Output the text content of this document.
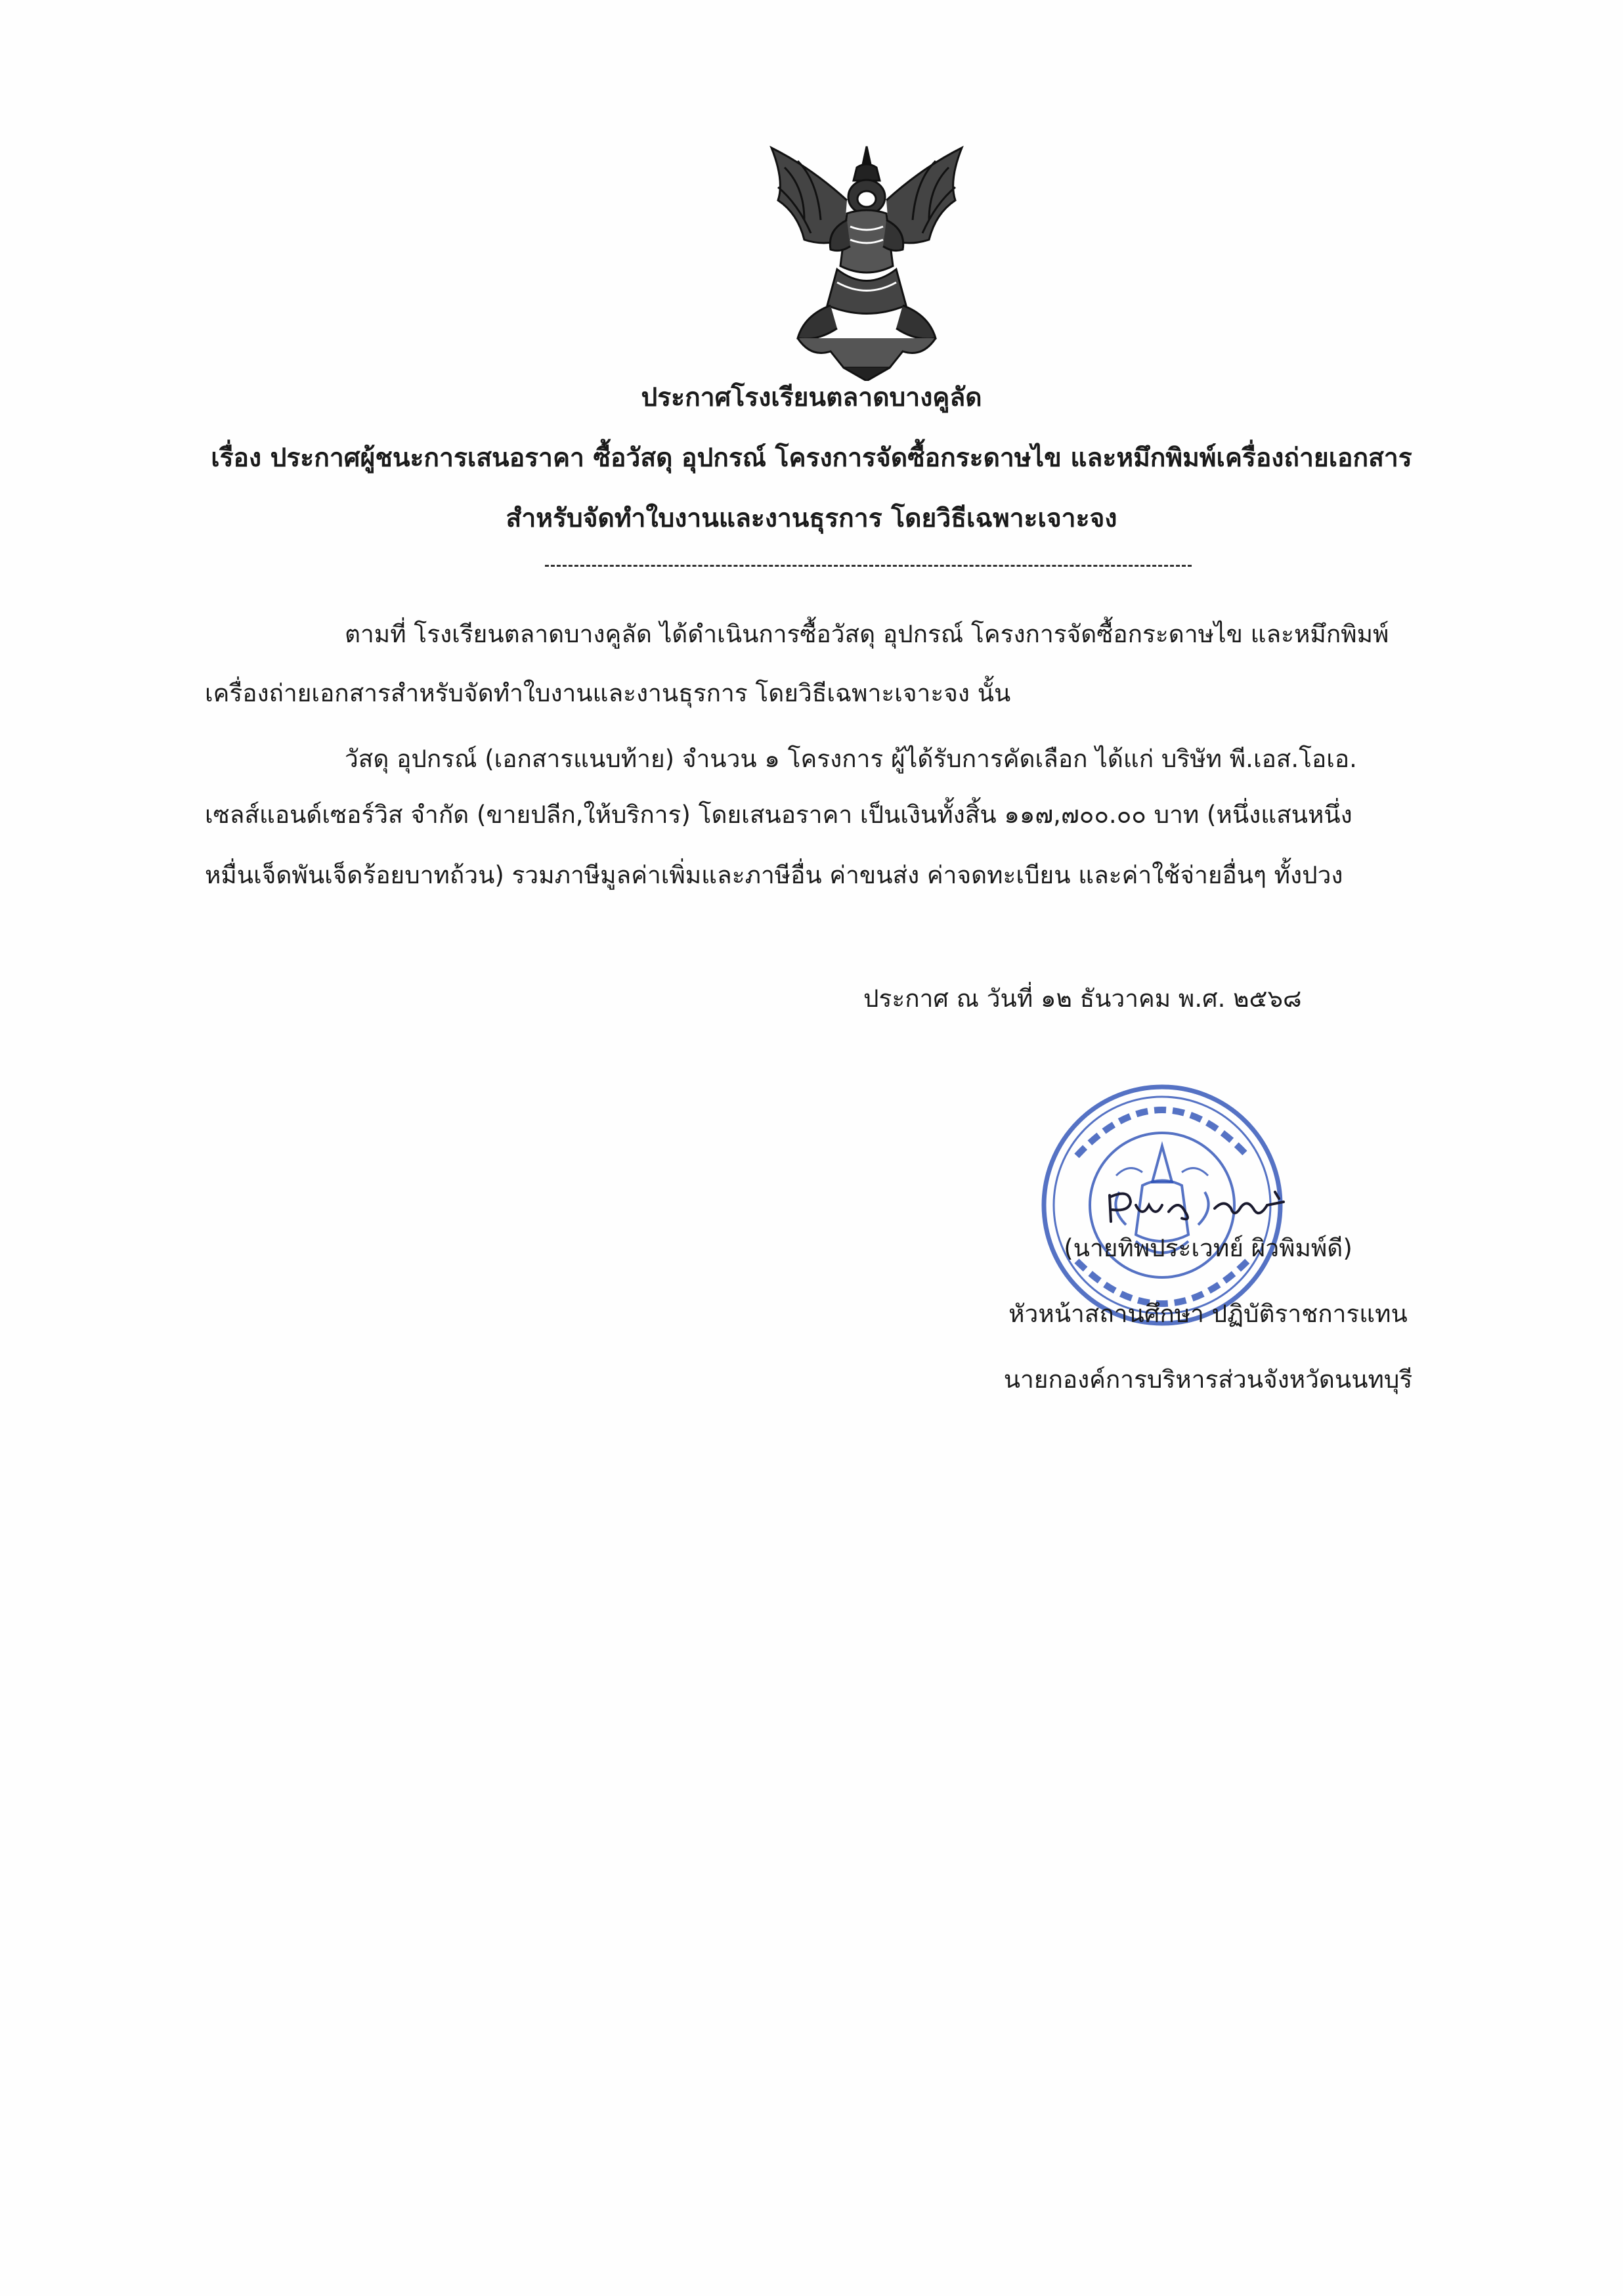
ประกาศโรงเรียนตลาดบางคูลัด
เรื่อง ประกาศผู้ชนะการเสนอราคา ซื้อวัสดุ อุปกรณ์ โครงการจัดซื้อกระดาษไข และหมึกพิมพ์เครื่องถ่ายเอกสาร
สำหรับจัดทำใบงานและงานธุรการ โดยวิธีเฉพาะเจาะจง
ตามที่ โรงเรียนตลาดบางคูลัด ได้ดำเนินการซื้อวัสดุ อุปกรณ์ โครงการจัดซื้อกระดาษไข และหมึกพิมพ์
เครื่องถ่ายเอกสารสำหรับจัดทำใบงานและงานธุรการ โดยวิธีเฉพาะเจาะจง นั้น
วัสดุ อุปกรณ์ (เอกสารแนบท้าย) จำนวน ๑ โครงการ ผู้ได้รับการคัดเลือก ได้แก่ บริษัท พี.เอส.โอเอ.
เซลส์แอนด์เซอร์วิส จำกัด (ขายปลีก,ให้บริการ) โดยเสนอราคา เป็นเงินทั้งสิ้น ๑๑๗,๗๐๐.๐๐ บาท (หนึ่งแสนหนึ่ง
หมื่นเจ็ดพันเจ็ดร้อยบาทถ้วน) รวมภาษีมูลค่าเพิ่มและภาษีอื่น ค่าขนส่ง ค่าจดทะเบียน และค่าใช้จ่ายอื่นๆ ทั้งปวง
ประกาศ ณ วันที่ ๑๒ ธันวาคม พ.ศ. ๒๕๖๘
(นายทิพประเวทย์ ผิวพิมพ์ดี)
หัวหน้าสถานศึกษา ปฏิบัติราชการแทน
นายกองค์การบริหารส่วนจังหวัดนนทบุรี
